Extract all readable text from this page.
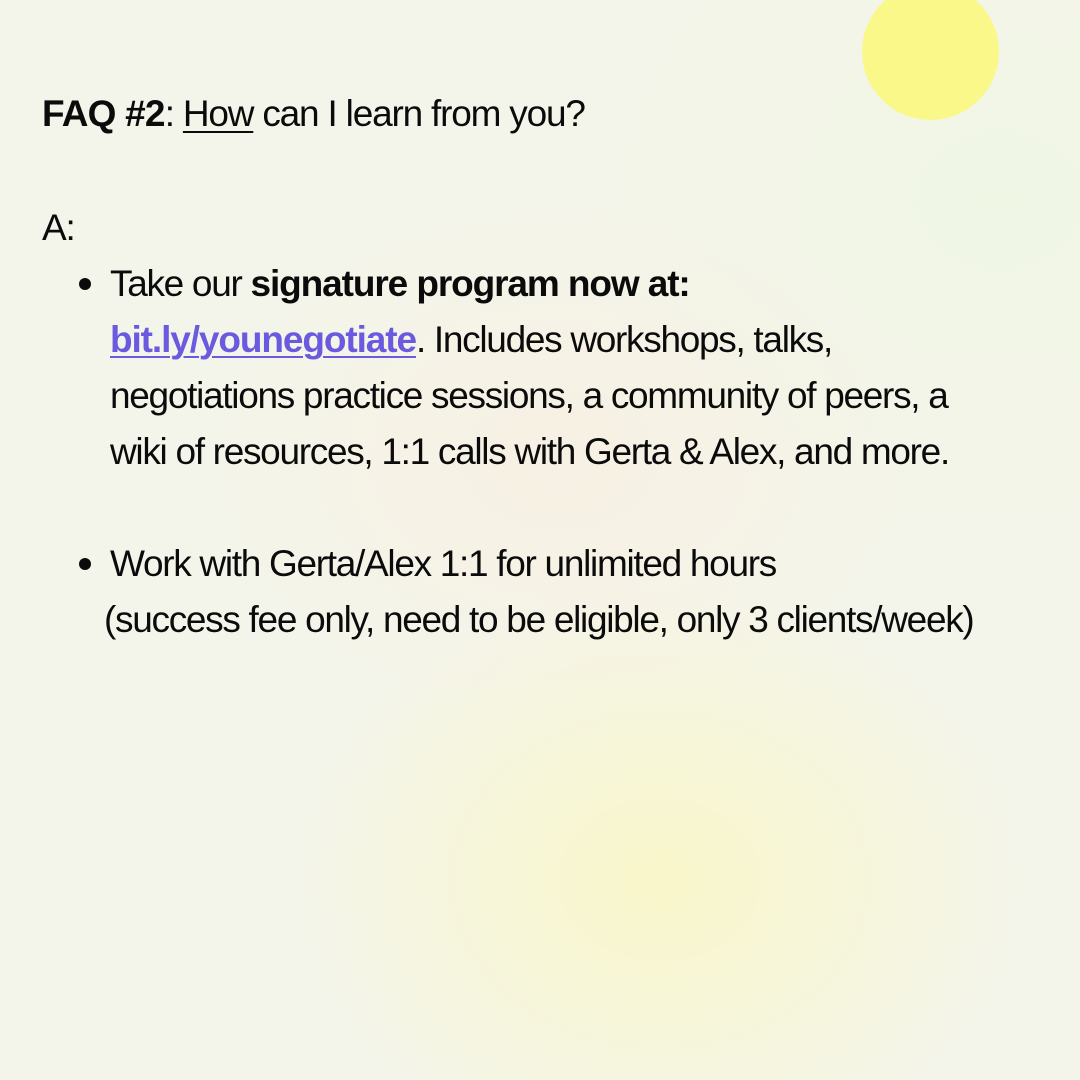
FAQ #2: How can I learn from you?
A:
Take our signature program now at:
bit.ly/younegotiate. Includes workshops, talks,
negotiations practice sessions, a community of peers, a
wiki of resources, 1:1 calls with Gerta & Alex, and more.
Work with Gerta/Alex 1:1 for unlimited hours
(success fee only, need to be eligible, only 3 clients/week)
